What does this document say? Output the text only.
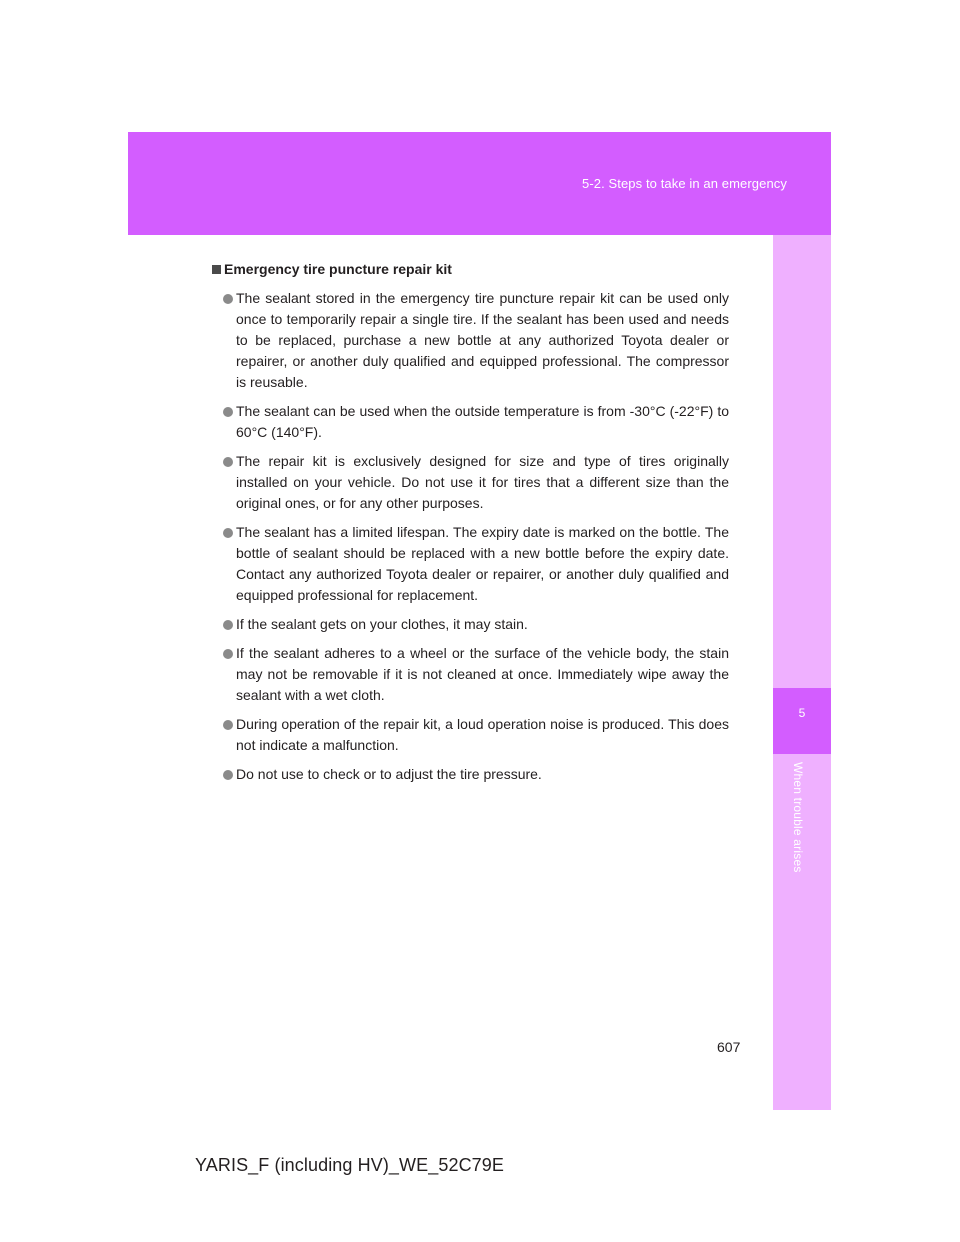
5-2. Steps to take in an emergency
5
When trouble arises
Emergency tire puncture repair kit
The sealant stored in the emergency tire puncture repair kit can be used only once to temporarily repair a single tire. If the sealant has been used and needs to be replaced, purchase a new bottle at any authorized Toyota dealer or repairer, or another duly qualified and equipped professional. The compressor is reusable.
The sealant can be used when the outside temperature is from -30°C (-22°F) to 60°C (140°F).
The repair kit is exclusively designed for size and type of tires originally installed on your vehicle. Do not use it for tires that a different size than the original ones, or for any other purposes.
The sealant has a limited lifespan. The expiry date is marked on the bottle. The bottle of sealant should be replaced with a new bottle before the expiry date. Contact any authorized Toyota dealer or repairer, or another duly qualified and equipped professional for replacement.
If the sealant gets on your clothes, it may stain.
If the sealant adheres to a wheel or the surface of the vehicle body, the stain may not be removable if it is not cleaned at once. Immediately wipe away the sealant with a wet cloth.
During operation of the repair kit, a loud operation noise is produced. This does not indicate a malfunction.
Do not use to check or to adjust the tire pressure.
607
YARIS_F (including HV)_WE_52C79E
